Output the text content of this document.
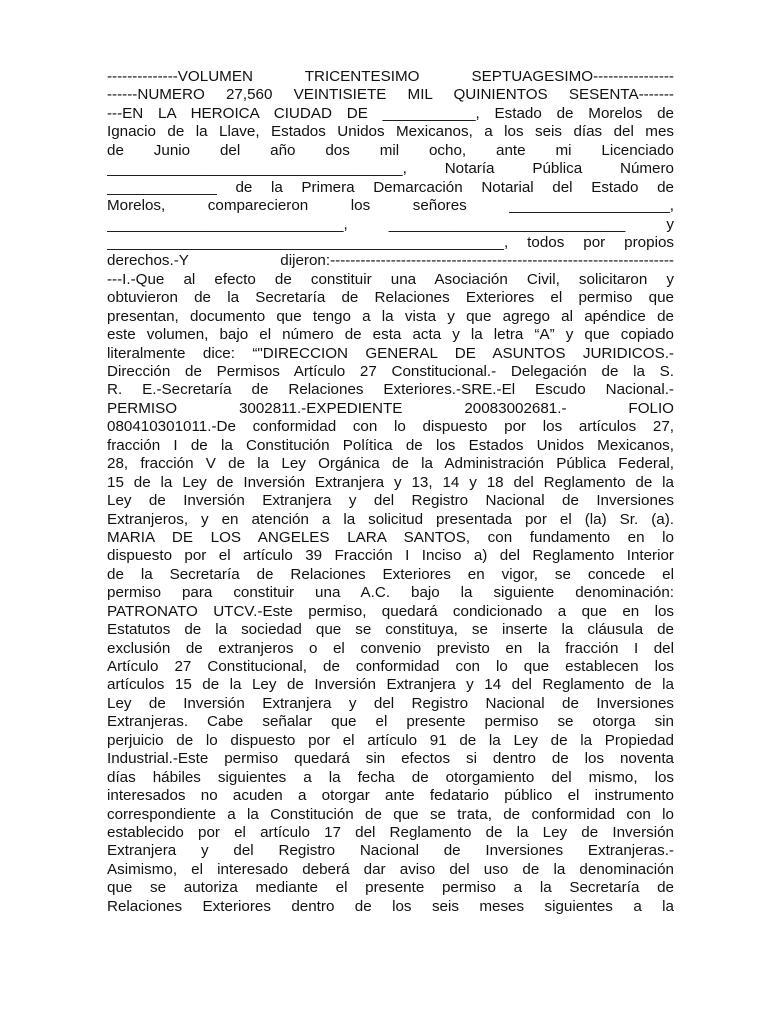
--------------VOLUMEN TRICENTESIMO SEPTUAGESIMO----------------
------NUMERO 27,560 VEINTISIETE MIL QUINIENTOS SESENTA-------
---EN LA HEROICA CIUDAD DE ___________, Estado de Morelos de
Ignacio de la Llave, Estados Unidos Mexicanos, a los seis días del mes
de Junio del año dos mil ocho, ante mi Licenciado
___________________________________, Notaría Pública Número
_____________ de la Primera Demarcación Notarial del Estado de
Morelos, comparecieron los señores ___________________,
____________________________, ____________________________ y
_______________________________________________, todos por propios
derechos.-Y dijeron:--------------------------------------------------------------------
---I.-Que al efecto de constituir una Asociación Civil, solicitaron y
obtuvieron de la Secretaría de Relaciones Exteriores el permiso que
presentan, documento que tengo a la vista y que agrego al apéndice de
este volumen, bajo el número de esta acta y la letra “A” y que copiado
literalmente dice: “"DIRECCION GENERAL DE ASUNTOS JURIDICOS.-
Dirección de Permisos Artículo 27 Constitucional.- Delegación de la S.
R. E.-Secretaría de Relaciones Exteriores.-SRE.-El Escudo Nacional.-
PERMISO 3002811.-EXPEDIENTE 20083002681.- FOLIO
080410301011.-De conformidad con lo dispuesto por los artículos 27,
fracción I de la Constitución Política de los Estados Unidos Mexicanos,
28, fracción V de la Ley Orgánica de la Administración Pública Federal,
15 de la Ley de Inversión Extranjera y 13, 14 y 18 del Reglamento de la
Ley de Inversión Extranjera y del Registro Nacional de Inversiones
Extranjeros, y en atención a la solicitud presentada por el (la) Sr. (a).
MARIA DE LOS ANGELES LARA SANTOS, con fundamento en lo
dispuesto por el artículo 39 Fracción I Inciso a) del Reglamento Interior
de la Secretaría de Relaciones Exteriores en vigor, se concede el
permiso para constituir una A.C. bajo la siguiente denominación:
PATRONATO UTCV.-Este permiso, quedará condicionado a que en los
Estatutos de la sociedad que se constituya, se inserte la cláusula de
exclusión de extranjeros o el convenio previsto en la fracción I del
Artículo 27 Constitucional, de conformidad con lo que establecen los
artículos 15 de la Ley de Inversión Extranjera y 14 del Reglamento de la
Ley de Inversión Extranjera y del Registro Nacional de Inversiones
Extranjeras. Cabe señalar que el presente permiso se otorga sin
perjuicio de lo dispuesto por el artículo 91 de la Ley de la Propiedad
Industrial.-Este permiso quedará sin efectos si dentro de los noventa
días hábiles siguientes a la fecha de otorgamiento del mismo, los
interesados no acuden a otorgar ante fedatario público el instrumento
correspondiente a la Constitución de que se trata, de conformidad con lo
establecido por el artículo 17 del Reglamento de la Ley de Inversión
Extranjera y del Registro Nacional de Inversiones Extranjeras.-
Asimismo, el interesado deberá dar aviso del uso de la denominación
que se autoriza mediante el presente permiso a la Secretaría de
Relaciones Exteriores dentro de los seis meses siguientes a la
